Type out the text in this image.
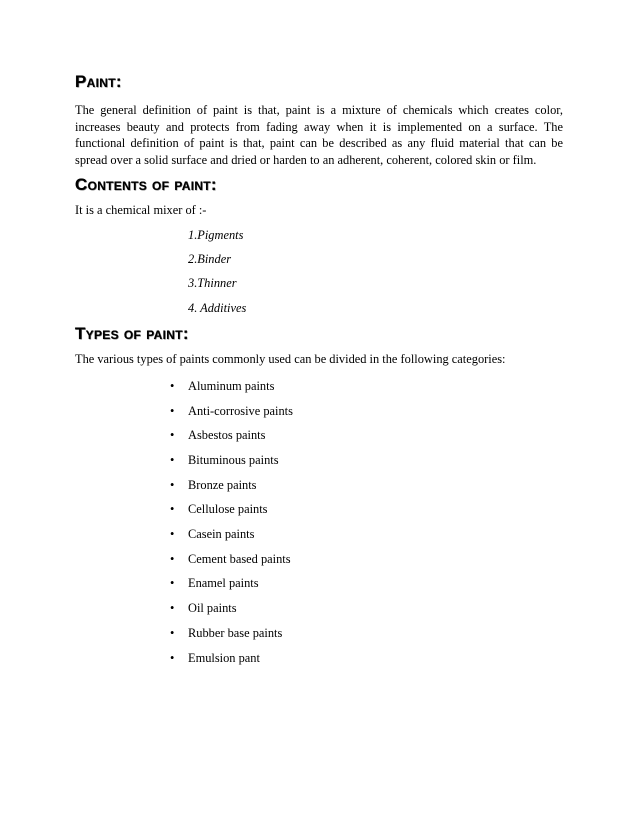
Paint:

The general definition of paint is that, paint is a mixture of chemicals which creates color, increases beauty and protects from fading away when it is implemented on a surface. The functional definition of paint is that, paint can be described as any fluid material that can be spread over a solid surface and dried or harden to an adherent, coherent, colored skin or film.

Contents of paint:

It is a chemical mixer of :-

1.Pigments

2.Binder

3.Thinner

4. Additives

Types of paint:

The various types of paints commonly used can be divided in the following categories:

• Aluminum paints

• Anti-corrosive paints

• Asbestos paints

• Bituminous paints

• Bronze paints

• Cellulose paints

• Casein paints

• Cement based paints

• Enamel paints

• Oil paints

• Rubber base paints

• Emulsion pant
